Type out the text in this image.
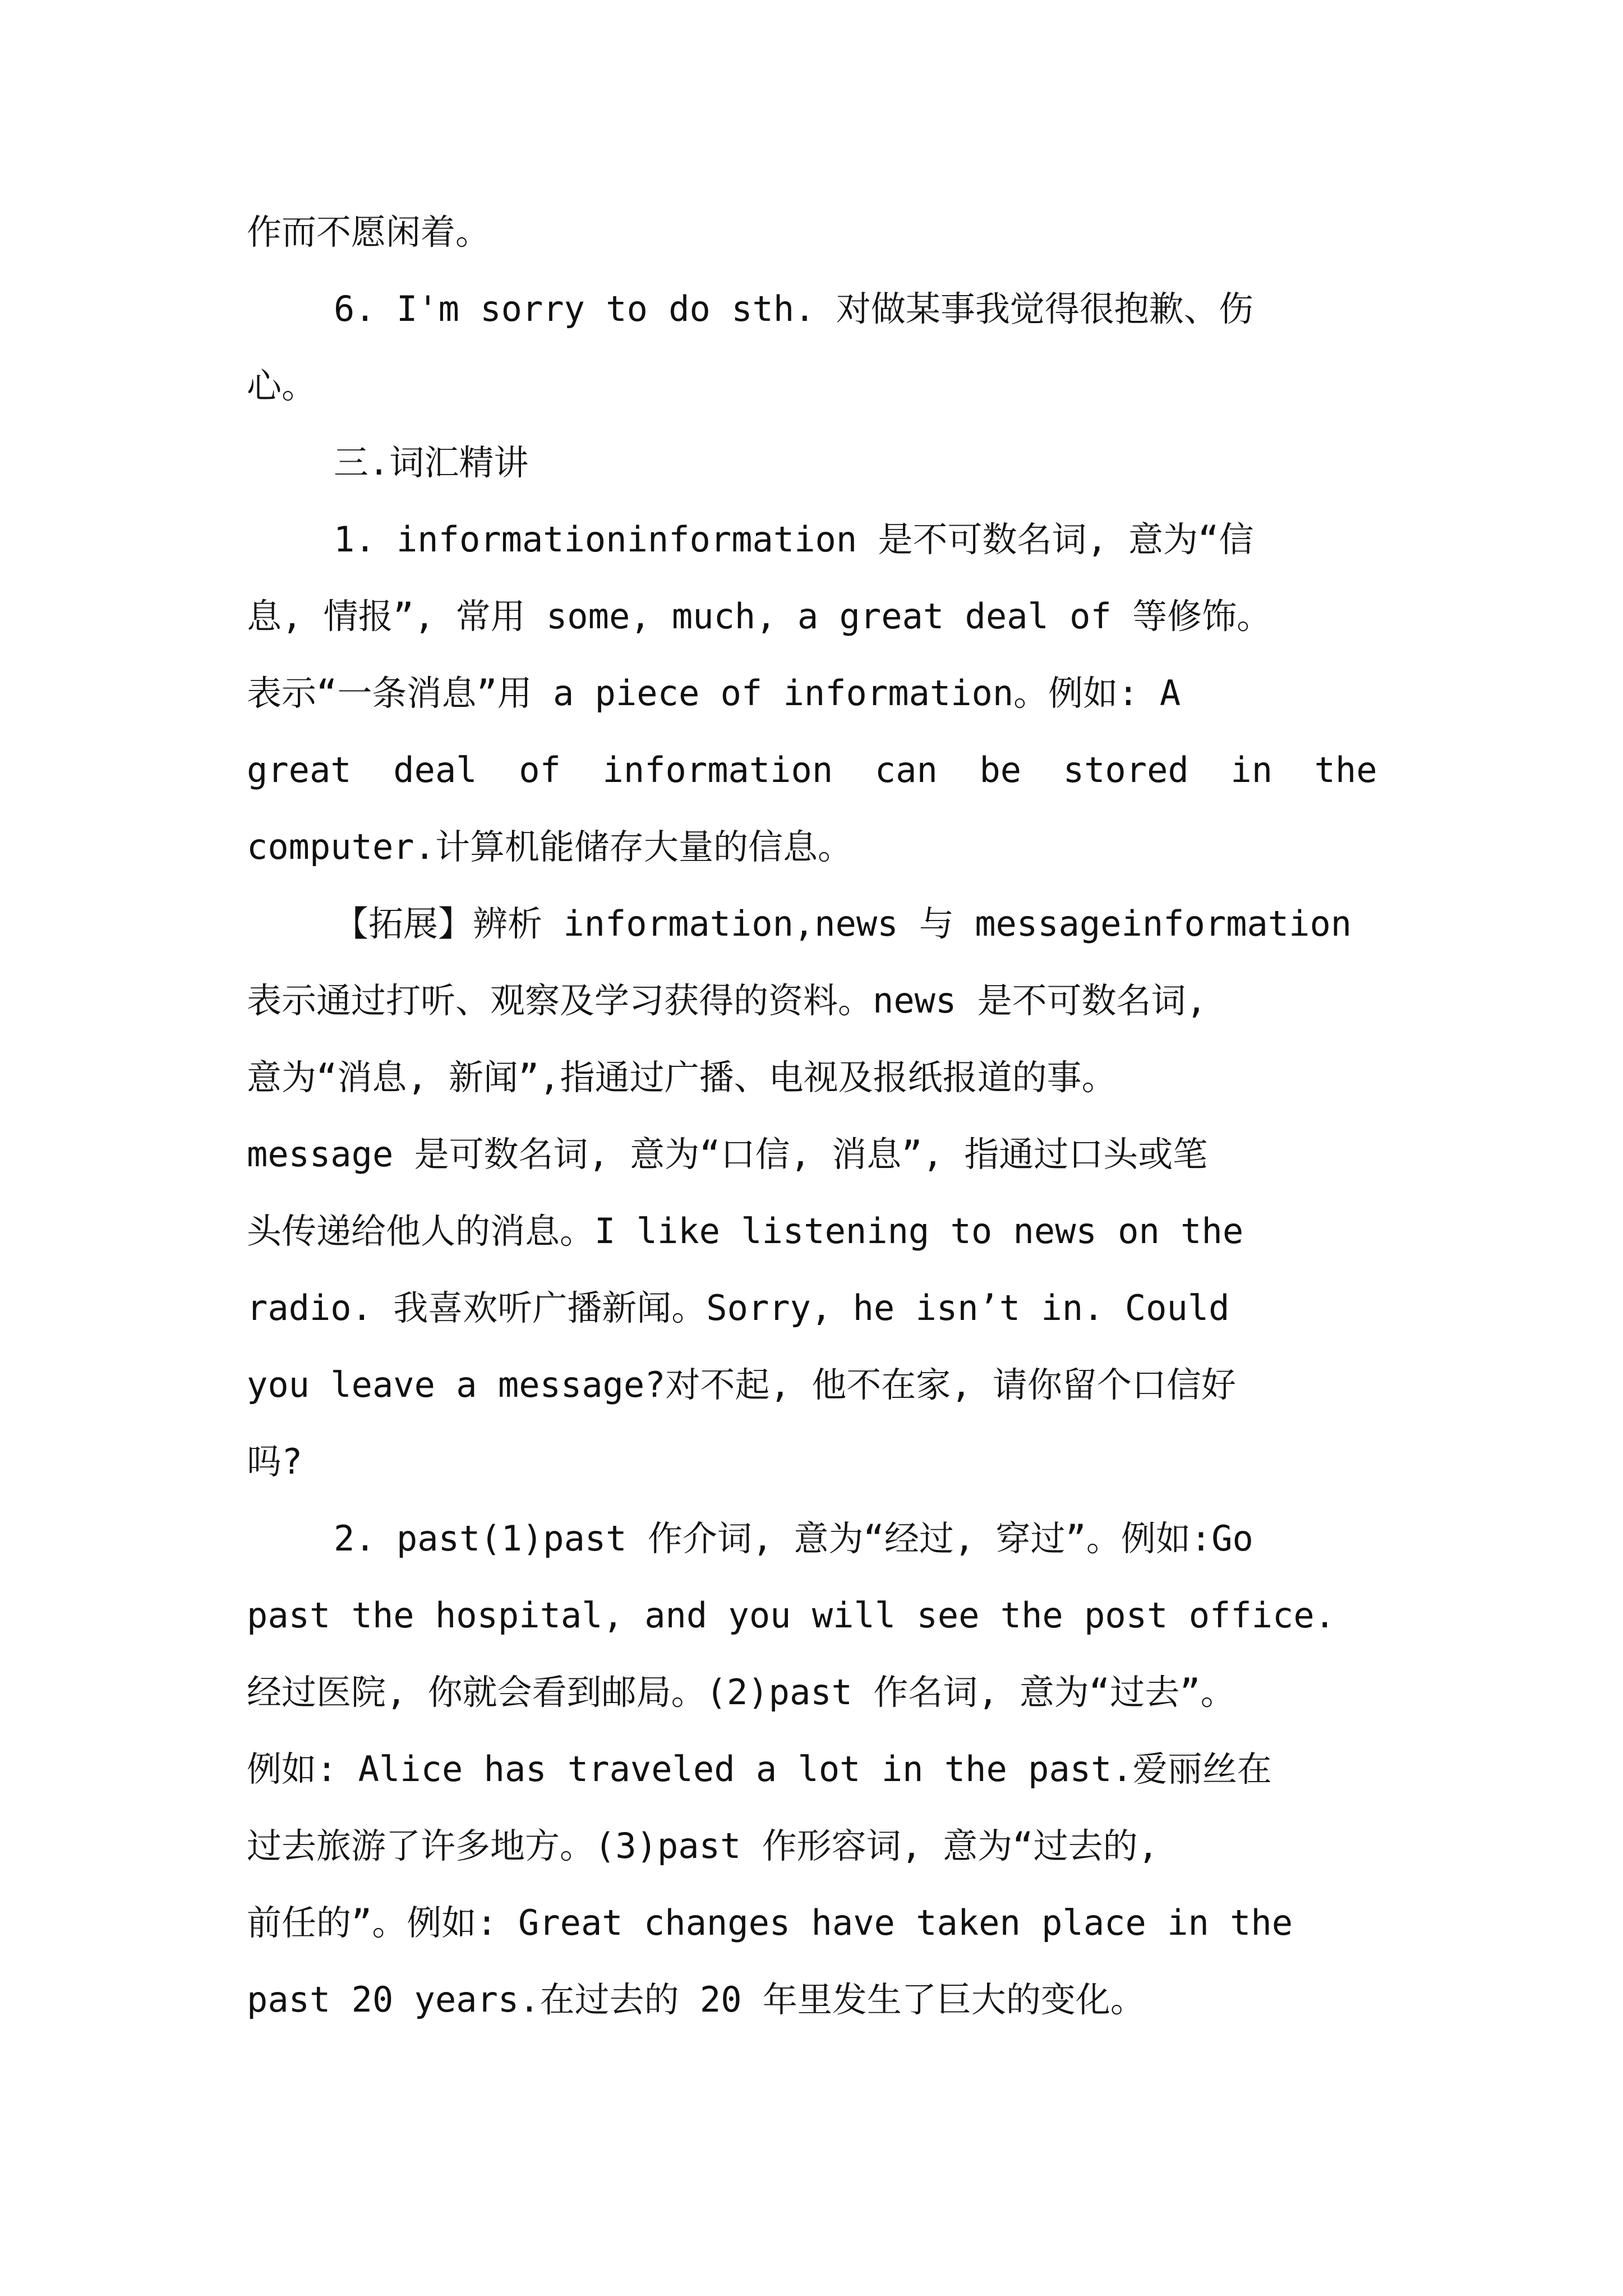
作而不愿闲着。
6. I'm sorry to do sth. 对做某事我觉得很抱歉、伤
心。
三.词汇精讲
1. informationinformation 是不可数名词, 意为“信
息, 情报”, 常用 some, much, a great deal of 等修饰。
表示“一条消息”用 a piece of information。例如: A
great  deal  of  information  can  be  stored  in  the
computer.计算机能储存大量的信息。
【拓展】辨析 information,news 与 messageinformation
表示通过打听、观察及学习获得的资料。news 是不可数名词,
意为“消息, 新闻”,指通过广播、电视及报纸报道的事。
message 是可数名词, 意为“口信, 消息”, 指通过口头或笔
头传递给他人的消息。I like listening to news on the
radio. 我喜欢听广播新闻。Sorry, he isn’t in. Could
you leave a message?对不起, 他不在家, 请你留个口信好
吗?
2. past(1)past 作介词, 意为“经过, 穿过”。例如:Go
past the hospital, and you will see the post office.
经过医院, 你就会看到邮局。(2)past 作名词, 意为“过去”。
例如: Alice has traveled a lot in the past.爱丽丝在
过去旅游了许多地方。(3)past 作形容词, 意为“过去的,
前任的”。例如: Great changes have taken place in the
past 20 years.在过去的 20 年里发生了巨大的变化。
